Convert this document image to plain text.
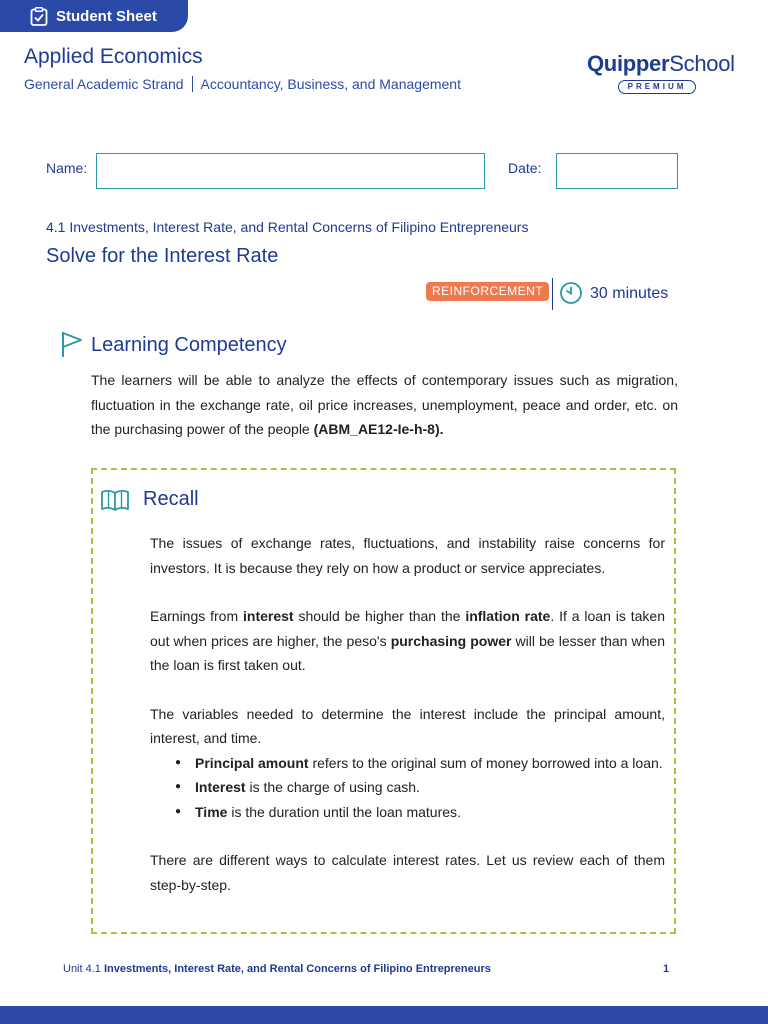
Student Sheet
Applied Economics
General Academic Strand Accountancy, Business, and Management
QuipperSchool
PREMIUM
Name:	Date:
4.1 Investments, Interest Rate, and Rental Concerns of Filipino Entrepreneurs
Solve for the Interest Rate
REINFORCEMENT	30 minutes
Learning Competency
The learners will be able to analyze the effects of contemporary issues such as migration, fluctuation in the exchange rate, oil price increases, unemployment, peace and order, etc. on the purchasing power of the people (ABM_AE12-Ie-h-8).
Recall

The issues of exchange rates, fluctuations, and instability raise concerns for investors. It is because they rely on how a product or service appreciates.

Earnings from interest should be higher than the inflation rate. If a loan is taken out when prices are higher, the peso's purchasing power will be lesser than when the loan is first taken out.

The variables needed to determine the interest include the principal amount, interest, and time.

● Principal amount refers to the original sum of money borrowed into a loan.
● Interest is the charge of using cash.
● Time is the duration until the loan matures.

There are different ways to calculate interest rates. Let us review each of them step-by-step.

Unit 4.1 Investments, Interest Rate, and Rental Concerns of Filipino Entrepreneurs	1
